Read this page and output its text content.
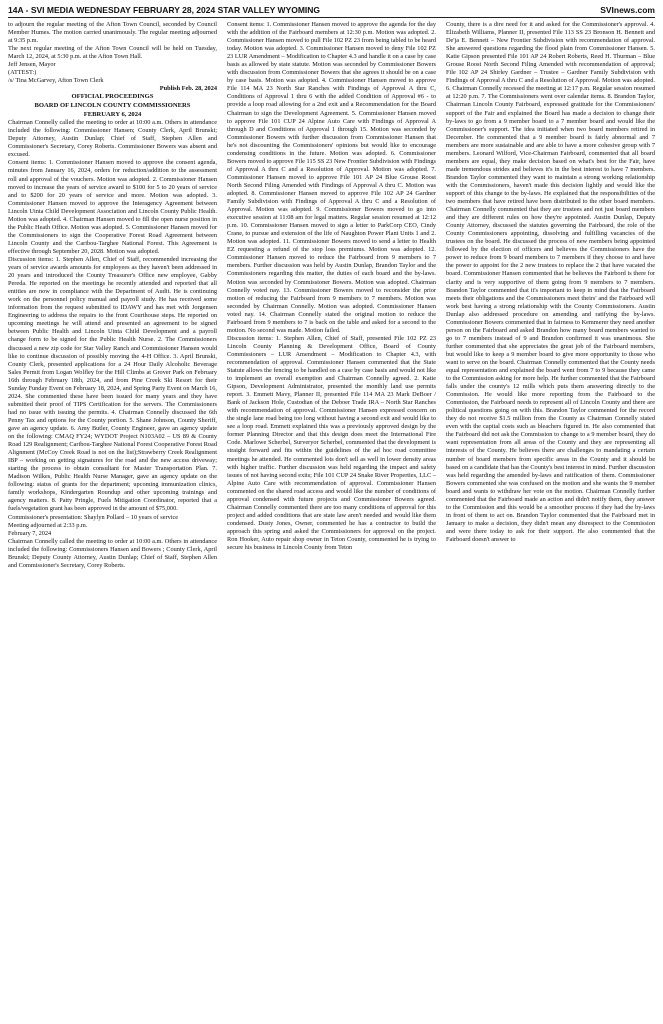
14A - SVI MEDIA WEDNESDAY FEBRUARY 28, 2024 STAR VALLEY WYOMING	SVInews.com

to adjourn the regular meeting of the Afton Town Council, seconded by Council Member Humes. The motion carried unanimously. The regular meeting adjourned at 9:35 p.m.

The next regular meeting of the Afton Town Council will be held on Tuesday, March 12, 2024, at 5:30 p.m. at the Afton Town Hall.

Jeff Jensen, Mayor

(ATTEST:)

/s/ Tina McGarvey, Afton Town Clerk

Publish Feb. 28, 2024

OFFICIAL PROCEEDINGS

BOARD OF LINCOLN COUNTY COMMISSIONERS

FEBRUARY 6, 2024

Chairman Connelly called the meeting to order at 10:00 a.m. Others in attendance included the following: Commissioner Hansen; County Clerk, April Brunski; Deputy Attorney, Austin Dunlap; Chief of Staff, Stephen Allen and Commissioner's Secretary, Corey Roberts. Commissioner Bowers was absent and excused.

Consent items: 1. Commissioner Hansen moved to approve the consent agenda, minutes from January 16, 2024, orders for reduction/addition to the assessment roll and approval of the vouchers. Motion was adopted. 2. Commissioner Hansen moved to increase the years of service award to $100 for 5 to 20 years of service and to $200 for 20 years of service and more. Motion was adopted. 3. Commissioner Hansen moved to approve the Interagency Agreement between Lincoln Uinta Child Development Association and Lincoln County Public Health. Motion was adopted. 4. Chairman Hansen moved to fill the open nurse position in the Public Heath Office. Motion was adopted. 5. Commissioner Hansen moved for the Commissioners to sign the Cooperative Forest Road Agreement between Lincoln County and the Caribou-Targhee National Forest. This Agreement is effective through September 20, 2028. Motion was adopted.

Discussion items: 1. Stephen Allen, Chief of Staff, recommended increasing the years of service awards amounts for employees as they haven't been addressed in 20 years and introduced the County Treasurer's Office new employee, Gabby Pereda. He reported on the meetings he recently attended and reported that all entities are now in compliance with the Department of Audit. He is continuing work on the personnel policy manual and payroll study. He has received some information from the request submitted to IDAWY and has met with Jorgensen Engineering to address the repairs to the front Courthouse steps. He reported on upcoming meetings he will attend and presented an agreement to be signed between Public Health and Lincoln Uinta Child Development and a payroll change form to be signed for the Public Health Nurse. 2. The Commissioners discussed a new zip code for Star Valley Ranch and Commissioner Hansen would like to continue discussion of possibly moving the 4-H Office. 3. April Brunski, County Clerk, presented applications for a 24 Hour Daily Alcoholic Beverage Sales Permit from Logan Wolfley for the Hill Climbs at Grover Park on February 16th through February 18th, 2024, and from Pine Creek Ski Resort for their Sunday Funday Event on February 18, 2024, and Spring Party Event on March 16, 2024. She commented these have been issued for many years and they have submitted their proof of TIPS Certification for the servers. The Commissioners had no issue with issuing the permits. 4. Chairman Connelly discussed the 6th Penny Tax and options for the County portion. 5. Shane Johnson, County Sheriff, gave an agency update. 6. Amy Butler, County Engineer, gave an agency update on the following: CMAQ FY24; WYDOT Project N103A02 – US 89 & County Road 129 Realignment; Caribou-Targhee National Forest Cooperative Forest Road Alignment (McCoy Creek Road is not on the list);Strawberry Creek Realignment IBP – working on getting signatures for the road and the new access driveway; starting the process to obtain consultant for Master Transportation Plan. 7. Madison Wilkes, Public Health Nurse Manager, gave an agency update on the following: status of grants for the department; upcoming immunization clinics, family workshops, Kindergarten Roundup and other upcoming trainings and agency matters. 8. Patty Pringle, Fuels Mitigation Coordinator, reported that a fuels/vegetation grant has been approved in the amount of $75,000.

Commissioner's presentation: Shaylyn Pollard – 10 years of service

Meeting adjourned at 2:33 p.m.

February 7, 2024

Chairman Connelly called the meeting to order at 10:00 a.m. Others in attendance included the following: Commissioners Hansen and Bowers ; County Clerk, April Brunski; Deputy County Attorney, Austin Dunlap; Chief of Staff, Stephen Allen and Commissioner's Secretary, Corey Roberts.

Consent items: 1. Commissioner Hansen moved to approve the agenda for the day with the addition of the Fairboard members at 12:30 p.m. Motion was adopted. 2. Commissioner Hansen moved to pull File 102 PZ 23 from being tabled to be heard today. Motion was adopted. 3. Commissioner Hansen moved to deny File 102 PZ 23 LUR Amendment – Modification to Chapter 4.3 and handle it on a case by case basis as allowed by state statute. Motion was seconded by Commissioner Bowers with discussion from Commissioner Bowers that she agrees it should be on a case by case basis. Motion was adopted. 4. Commissioner Hansen moved to approve File 114 MA 23 North Star Ranches with Findings of Approval A thru C, Conditions of Approval 1 thru 6 with the added Condition of Approval #6 - to provide a loop road allowing for a 2nd exit and a Recommendation for the Board Chairman to sign the Development Agreement. 5. Commissioner Hansen moved to approve File 101 CUP 24 Alpine Auto Care with Findings of Approval A through D and Conditions of Approval 1 through 15. Motion was seconded by Commissioner Bowers with further discussion from Commissioner Hansen that he's not discounting the Commissioners' opinions but would like to encourage condensing conditions in the future. Motion was adopted. 6. Commissioner Bowers moved to approve File 115 SS 23 New Frontier Subdivision with Findings of Approval A thru C and a Resolution of Approval. Motion was adopted. 7. Commissioner Hansen moved to approve File 101 AP 24 Blue Grouse Roost North Second Filing Amended with Findings of Approval A thru C. Motion was adopted. 8. Commissioner Hansen moved to approve File 102 AP 24 Gardner Family Subdivision with Findings of Approval A thru C and a Resolution of Approval. Motion was adopted. 9. Commissioner Bowers moved to go into executive session at 11:08 am for legal matters. Regular session resumed at 12:12 p.m. 10. Commissioner Hansen moved to sign a letter to ParkCorp CEO, Cindy Crane, to pursue and extension of the life of Naughton Power Plant Units 1 and 2. Motion was adopted. 11. Commissioner Bowers moved to send a letter to Health EZ requesting a refund of the stop loss premiums. Motion was adopted. 12. Commissioner Hansen moved to reduce the Fairboard from 9 members to 7 members. Further discussion was held by Austin Dunlap, Brandon Taylor and the Commissioners regarding this matter, the duties of each board and the by-laws. Motion was seconded by Commissioner Bowers. Motion was adopted. Chairman Connelly voted nay. 13. Commissioner Bowers moved to reconsider the prior motion of reducing the Fairboard from 9 members to 7 members. Motion was seconded by Chairman Connelly. Motion was adopted. Commissioner Hansen voted nay. 14. Chairman Connelly stated the original motion to reduce the Fairboard from 9 members to 7 is back on the table and asked for a second to the motion. No second was made. Motion failed.

Discussion items: 1. Stephen Allen, Chief of Staff, presented File 102 PZ 23 Lincoln County Planning & Development Office, Board of County Commissioners – LUR Amendment – Modification to Chapter 4.3, with recommendation of approval. Commissioner Hansen commented that the State Statute allows the fencing to be handled on a case by case basis and would not like to implement an overall exemption and Chairman Connelly agreed. 2. Katie Gipson, Development Administrator, presented the monthly land use permits report. 3. Emmett Mavy, Planner II, presented File 114 MA 23 Mark DeBoer / Bank of Jackson Hole, Custodian of the Deboer Trade IRA – North Star Ranches with recommendation of approval. Commissioner Hansen expressed concern on the single lane road being too long without having a second exit and would like to see a loop road. Emmett explained this was a previously approved design by the former Planning Director and that this design does meet the International Fire Code. Marlowe Scherbel, Surveryor Scherbel, commented that the development is straight forward and fits within the guidelines of the ad hoc road committee meetings he attended. He commented lots don't sell as well in lower density areas with higher traffic. Further discussion was held regarding the impact and safety issues of not having second exits; File 101 CUP 24 Snake River Properties, LLC – Alpine Auto Care with recommendation of approval. Commissioner Hansen commented on the shared road access and would like the number of conditions of approval condensed with future projects and Commissioner Bowers agreed. Chairman Connelly commented there are too many conditions of approval for this project and added conditions that are state law aren't needed and would like them condensed. Dusty Jones, Owner, commented he has a contractor to build the approach this spring and asked the Commissioners for approval on the project. Ron Hooker, Auto repair shop owner in Teton County, commented he is trying to secure his business in Lincoln County from Teton

County, there is a dire need for it and asked for the Commissioner's approval. 4. Elizabeth Williams, Planner II, presented File 113 SS 23 Bronson H. Bennett and De'ja E. Bennett – New Frontier Subdivision with recommendation of approval. She answered questions regarding the flood plain from Commissioner Hansen. 5. Katie Gipson presented File 101 AP 24 Robert Roberts, Reed H. Thurman – Blue Grouse Roost North Second Filing Amended with recommendation of approval; File 102 AP 24 Shirley Gardner – Trustee – Gardner Family Subdivision with Findings of Approval A thru C and a Resolution of Approval. Motion was adopted. 6. Chairman Connelly recessed the meeting at 12:17 p.m. Regular session resumed at 12:20 p.m. 7. The Commissioners went over calendar items. 8. Brandon Taylor, Chairman Lincoln County Fairboard, expressed gratitude for the Commissioners' support of the Fair and explained the Board has made a decision to change their by-laws to go from a 9 member board to a 7 member board and would like the Commissioner's support. The idea initiated when two board members retired in December. He commented that a 9 member board is fairly abnormal and 7 members are more sustainable and are able to have a more cohesive group with 7 members. Leonard Wilford, Vice-Chairman Fairboard, commented that all board members are equal, they make decision based on what's best for the Fair, have made tremendous strides and believes it's in the best interest to have 7 members. Brandon Taylor commented they want to maintain a strong working relationship with the Commissioners, haven't made this decision lightly and would like the support of this change to the by-laws. He explained that the responsibilities of the two members that have retired have been distributed to the other board members. Chairman Connelly commented that they are trustees and not just board members and they are different rules on how they're appointed. Austin Dunlap, Deputy County Attorney, discussed the statutes governing the Fairboard, the role of the County Commissioners appointing, dissolving and fulfilling vacancies of the trustees on the board. He discussed the process of new members being appointed followed by the election of officers and believes the Commissioners have the power to reduce from 9 board members to 7 members if they choose to and have the power to appoint for the 2 new trustees to replace the 2 that have vacated the board. Commissioner Hansen commented that he believes the Fairbord is there for clarity and is very supportive of them going from 9 members to 7 members. Brandon Taylor commented that it's important to keep in mind that the Fairboard meets their obligations and the Commissioners meet theirs' and the Fairboard will work best having a strong relationship with the County Commissioners. Austin Dunlap also addressed procedure on amending and ratifying the by-laws. Commissioner Bowers commented that in fairness to Kemmerer they need another person on the Fairboard and asked Brandon how many board members wanted to go to 7 members instead of 9 and Brandon confirmed it was unanimous. She further commented that she appreciates the great job of the Fairboard members, but would like to keep a 9 member board to give more opportunity to those who want to serve on the board. Chairman Connelly commented that the County needs equal representation and explained the board went from 7 to 9 because they came to the Commission asking for more help. He further commented that the Fairboard falls under the county's 12 mills which puts them answering directly to the Commission. He would like more reporting from the Fairboard to the Commission, the Fairboard needs to represent all of Lincoln County and there are political questions going on with this. Brandon Taylor commented for the record they do not receive $1.5 million from the County as Chairman Connelly stated even with the capital costs such as bleachers figured in. He also commented that the Fairboard did not ask the Commission to change to a 9 member board, they do want representation from all areas of the County and they are representing all interests of the County. He believes there are challenges to mandating a certain number of board members from specific areas in the County and it should be based on a candidate that has the County's best interest in mind. Further discussion was held regarding the amended by-laws and ratification of them. Commissioner Bowers commented she was confused on the motion and she wants the 9 member board and wants to withdraw her vote on the motion. Chairman Connelly further commented that the Fairboard made an action and didn't notify them, they answer to the Commission and this would be a smoother process if they had the by-laws in front of them to act on. Brandon Taylor commented that the Fairboard met in January to make a decision, they didn't mean any disrespect to the Commission and were there today to ask for their support. He also commented that the Fairboard doesn't answer to
